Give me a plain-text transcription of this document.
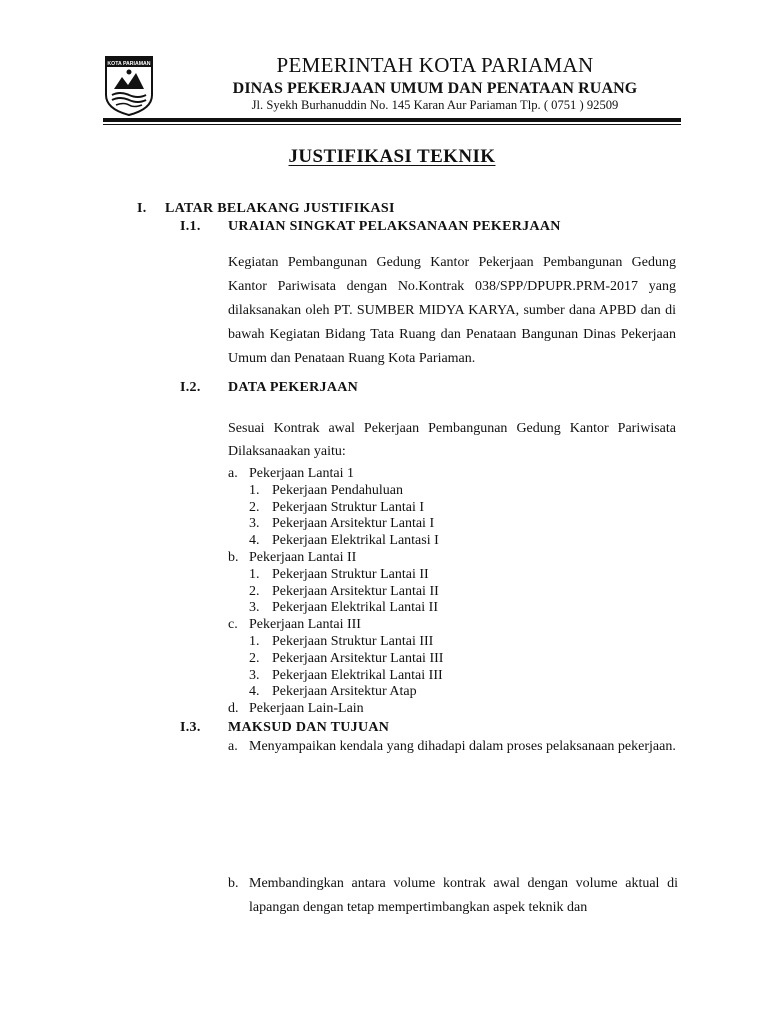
KOTA PARIAMAN	PEMERINTAH KOTA PARIAMAN
DINAS PEKERJAAN UMUM DAN PENATAAN RUANG
Jl. Syekh Burhanuddin No. 145 Karan Aur Pariaman Tlp. ( 0751 ) 92509
JUSTIFIKASI TEKNIK
I. LATAR BELAKANG JUSTIFIKASI
I.1. URAIAN SINGKAT PELAKSANAAN PEKERJAAN
Kegiatan Pembangunan Gedung Kantor Pekerjaan Pembangunan Gedung Kantor Pariwisata dengan No.Kontrak 038/SPP/DPUPR.PRM-2017 yang dilaksanakan oleh PT. SUMBER MIDYA KARYA, sumber dana APBD dan di bawah Kegiatan Bidang Tata Ruang dan Penataan Bangunan Dinas Pekerjaan Umum dan Penataan Ruang Kota Pariaman.
I.2. DATA PEKERJAAN
Sesuai Kontrak awal Pekerjaan Pembangunan Gedung Kantor Pariwisata Dilaksanaakan yaitu:
a. Pekerjaan Lantai 1
1. Pekerjaan Pendahuluan
2. Pekerjaan Struktur Lantai I
3. Pekerjaan Arsitektur Lantai I
4. Pekerjaan Elektrikal Lantasi I
b. Pekerjaan Lantai II
1. Pekerjaan Struktur Lantai II
2. Pekerjaan Arsitektur Lantai II
3. Pekerjaan Elektrikal Lantai II
c. Pekerjaan Lantai III
1. Pekerjaan Struktur Lantai III
2. Pekerjaan Arsitektur Lantai III
3. Pekerjaan Elektrikal Lantai III
4. Pekerjaan Arsitektur Atap
d. Pekerjaan Lain-Lain
I.3. MAKSUD DAN TUJUAN
a. Menyampaikan kendala yang dihadapi dalam proses pelaksanaan pekerjaan.
b. Membandingkan antara volume kontrak awal dengan volume aktual di lapangan dengan tetap mempertimbangkan aspek teknik dan
